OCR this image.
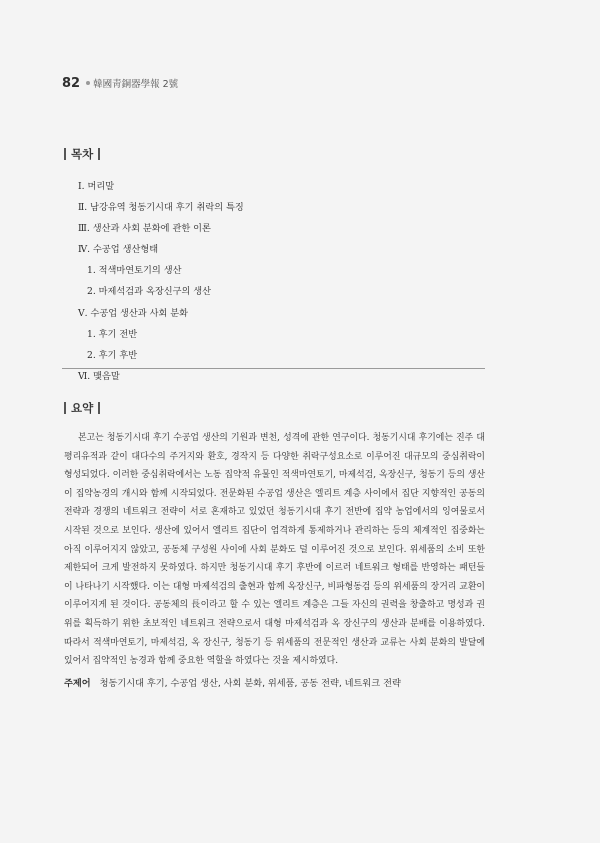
82	韓國靑銅器學報 2號
목차
Ⅰ. 머리말
Ⅱ. 남강유역 청동기시대 후기 취락의 특징
Ⅲ. 생산과 사회 분화에 관한 이론
Ⅳ. 수공업 생산형태
1. 적색마연토기의 생산
2. 마제석검과 옥장신구의 생산
Ⅴ. 수공업 생산과 사회 분화
1. 후기 전반
2. 후기 후반
Ⅵ. 맺음말
요약
본고는 청동기시대 후기 수공업 생산의 기원과 변천, 성격에 관한 연구이다. 청동기시대 후기에는 진주 대평리유적과 같이 대다수의 주거지와 환호, 경작지 등 다양한 취락구성요소로 이루어진 대규모의 중심취락이 형성되었다. 이러한 중심취락에서는 노동 집약적 유물인 적색마연토기, 마제석검, 옥장신구, 청동기 등의 생산이 집약농경의 개시와 함께 시작되었다. 전문화된 수공업 생산은 엘리트 계층 사이에서 집단 지향적인 공동의 전략과 경쟁의 네트워크 전략이 서로 혼재하고 있었던 청동기시대 후기 전반에 집약 농업에서의 잉여물로서 시작된 것으로 보인다. 생산에 있어서 엘리트 집단이 엄격하게 통제하거나 관리하는 등의 체계적인 집중화는 아직 이루어지지 않았고, 공동체 구성원 사이에 사회 분화도 덜 이루어진 것으로 보인다. 위세품의 소비 또한 제한되어 크게 발전하지 못하였다. 하지만 청동기시대 후기 후반에 이르러 네트워크 형태를 반영하는 패턴들이 나타나기 시작했다. 이는 대형 마제석검의 출현과 함께 옥장신구, 비파형동검 등의 위세품의 장거리 교환이 이루어지게 된 것이다. 공동체의 長이라고 할 수 있는 엘리트 계층은 그들 자신의 권력을 창출하고 명성과 권위를 획득하기 위한 초보적인 네트워크 전략으로서 대형 마제석검과 옥 장신구의 생산과 분배를 이용하였다. 따라서 적색마연토기, 마제석검, 옥 장신구, 청동기 등 위세품의 전문적인 생산과 교류는 사회 분화의 발달에 있어서 집약적인 농경과 함께 중요한 역할을 하였다는 것을 제시하였다.
주제어 청동기시대 후기, 수공업 생산, 사회 분화, 위세품, 공동 전략, 네트워크 전략
